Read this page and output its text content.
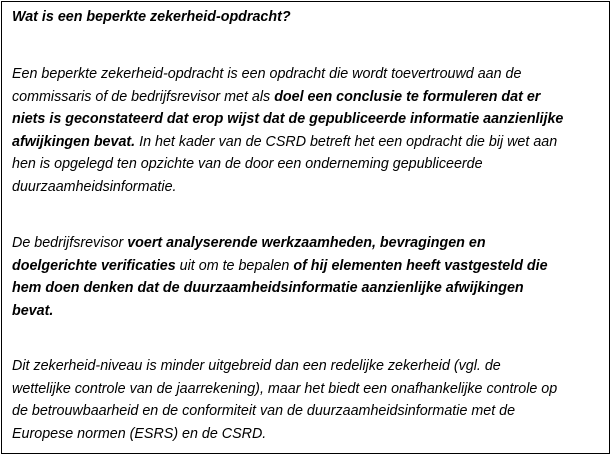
Wat is een beperkte zekerheid-opdracht?
Een beperkte zekerheid-opdracht is een opdracht die wordt toevertrouwd aan de
commissaris of de bedrijfsrevisor met als doel een conclusie te formuleren dat er
niets is geconstateerd dat erop wijst dat de gepubliceerde informatie aanzienlijke
afwijkingen bevat. In het kader van de CSRD betreft het een opdracht die bij wet aan
hen is opgelegd ten opzichte van de door een onderneming gepubliceerde
duurzaamheidsinformatie.
De bedrijfsrevisor voert analyserende werkzaamheden, bevragingen en
doelgerichte verificaties uit om te bepalen of hij elementen heeft vastgesteld die
hem doen denken dat de duurzaamheidsinformatie aanzienlijke afwijkingen
bevat.
Dit zekerheid-niveau is minder uitgebreid dan een redelijke zekerheid (vgl. de
wettelijke controle van de jaarrekening), maar het biedt een onafhankelijke controle op
de betrouwbaarheid en de conformiteit van de duurzaamheidsinformatie met de
Europese normen (ESRS) en de CSRD.
